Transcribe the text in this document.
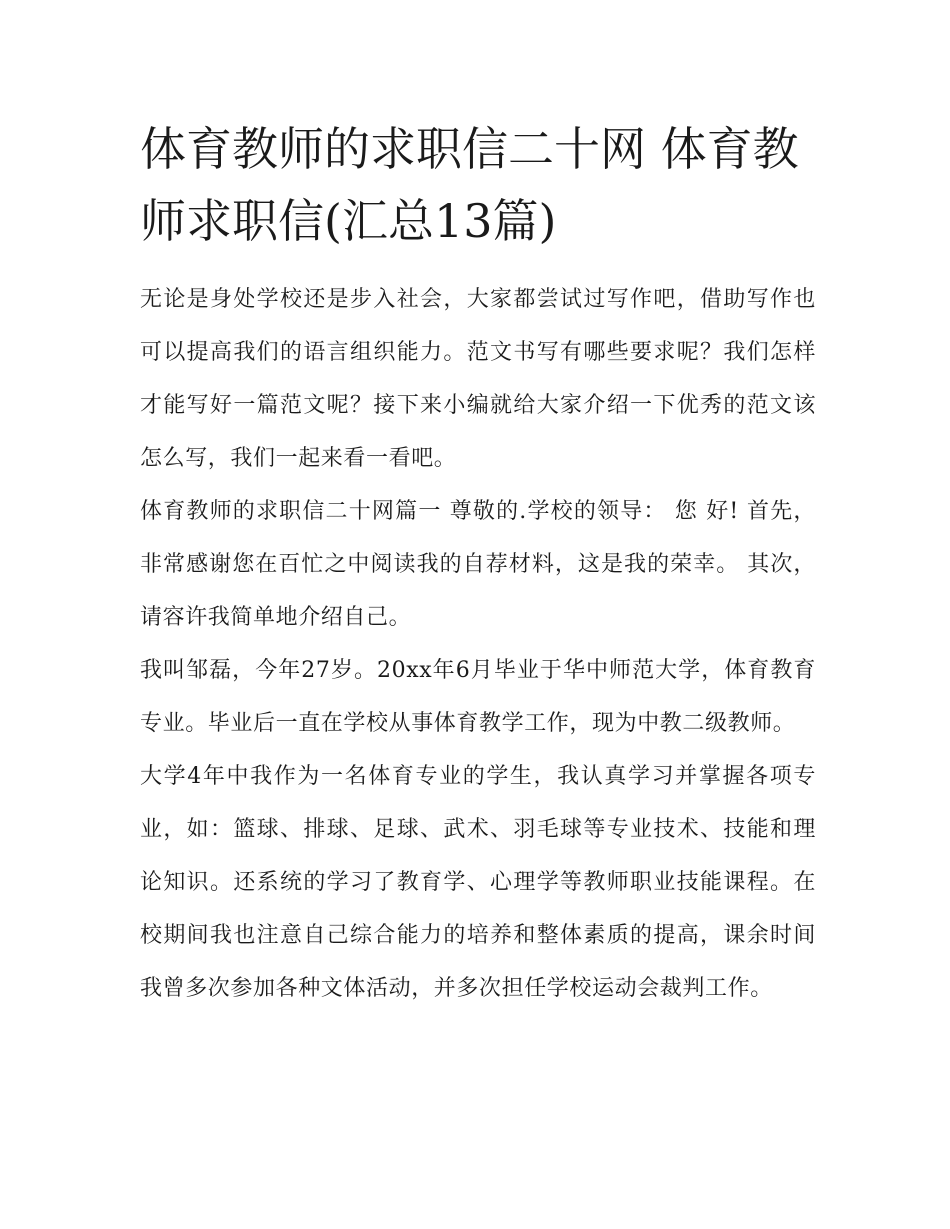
体育教师的求职信二十网 体育教师求职信(汇总13篇)

无论是身处学校还是步入社会，大家都尝试过写作吧，借助写作也可以提高我们的语言组织能力。范文书写有哪些要求呢？我们怎样才能写好一篇范文呢？接下来小编就给大家介绍一下优秀的范文该怎么写，我们一起来看一看吧。

体育教师的求职信二十网篇一 尊敬的.学校的领导： 您 好! 首先，非常感谢您在百忙之中阅读我的自荐材料，这是我的荣幸。 其次，请容许我简单地介绍自己。

我叫邹磊，今年27岁。20xx年6月毕业于华中师范大学，体育教育专业。毕业后一直在学校从事体育教学工作，现为中教二级教师。

大学4年中我作为一名体育专业的学生，我认真学习并掌握各项专业，如：篮球、排球、足球、武术、羽毛球等专业技术、技能和理论知识。还系统的学习了教育学、心理学等教师职业技能课程。在校期间我也注意自己综合能力的培养和整体素质的提高，课余时间我曾多次参加各种文体活动，并多次担任学校运动会裁判工作。
